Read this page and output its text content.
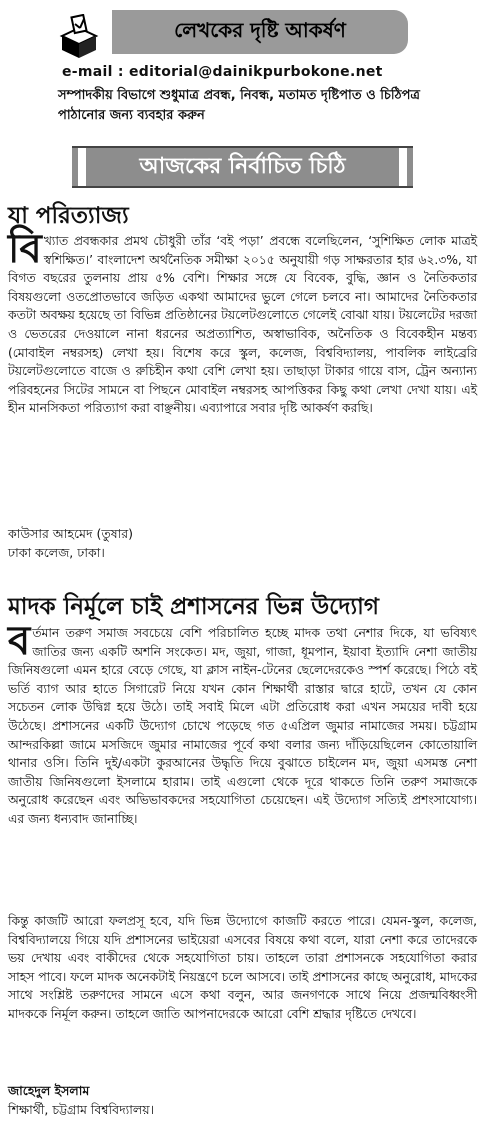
লেখকের দৃষ্টি আকর্ষণ
e-mail : editorial@dainikpurbokone.net
সম্পাদকীয় বিভাগে শুধুমাত্র প্রবন্ধ, নিবন্ধ, মতামত দৃষ্টিপাত ও চিঠিপত্র পাঠানোর জন্য ব্যবহার করুন
আজকের নির্বাচিত চিঠি
যা পরিত্যাজ্য
বিখ্যাত প্রবন্ধকার প্রমথ চৌধুরী তাঁর ‘বই পড়া’ প্রবন্ধে বলেছিলেন, ‘সুশিক্ষিত লোক মাত্রই স্বশিক্ষিত।’ বাংলাদেশ অর্থনৈতিক সমীক্ষা ২০১৫ অনুযায়ী গড় সাক্ষরতার হার ৬২.৩%, যা বিগত বছরের তুলনায় প্রায় ৫% বেশি। শিক্ষার সঙ্গে যে বিবেক, বুদ্ধি, জ্ঞান ও নৈতিকতার বিষয়গুলো ওতপ্রোতভাবে জড়িত একথা আমাদের ভুলে গেলে চলবে না। আমাদের নৈতিকতার কতটা অবক্ষয় হয়েছে তা বিভিন্ন প্রতিষ্ঠানের টয়লেটগুলোতে গেলেই বোঝা যায়। টয়লেটের দরজা ও ভেতরের দেওয়ালে নানা ধরনের অপ্রত্যাশিত, অস্বাভাবিক, অনৈতিক ও বিবেকহীন মন্তব্য (মোবাইল নম্বরসহ) লেখা হয়। বিশেষ করে স্কুল, কলেজ, বিশ্ববিদ্যালয়, পাবলিক লাইব্রেরি টয়লেটগুলোতে বাজে ও রুচিহীন কথা বেশি লেখা হয়। তাছাড়া টাকার গায়ে বাস, ট্রেন অন্যান্য পরিবহনের সিটের সামনে বা পিছনে মোবাইল নম্বরসহ আপত্তিকর কিছু কথা লেখা দেখা যায়। এই হীন মানসিকতা পরিত্যাগ করা বাঞ্ছনীয়। এব্যাপারে সবার দৃষ্টি আকর্ষণ করছি।
কাউসার আহমেদ (তুষার)
ঢাকা কলেজ, ঢাকা।
মাদক নির্মূলে চাই প্রশাসনের ভিন্ন উদ্যোগ
বর্তমান তরুণ সমাজ সবচেয়ে বেশি পরিচালিত হচ্ছে মাদক তথা নেশার দিকে, যা ভবিষ্যৎ জাতির জন্য একটি অশনি সংকেত। মদ, জুয়া, গাজা, ধূমপান, ইয়াবা ইত্যাদি নেশা জাতীয় জিনিষগুলো এমন হারে বেড়ে গেছে, যা ক্লাস নাইন-টেনের ছেলেদেরকেও স্পর্শ করেছে। পিঠে বই ভর্তি ব্যাগ আর হাতে সিগারেট নিয়ে যখন কোন শিক্ষার্থী রাস্তার দ্বারে হাটে, তখন যে কোন সচেতন লোক উদ্বিগ্ন হয়ে উঠে। তাই সবাই মিলে এটা প্রতিরোধ করা এখন সময়ের দাবী হয়ে উঠেছে। প্রশাসনের একটি উদ্যোগ চোখে পড়েছে গত ৫এপ্রিল জুমার নামাজের সময়। চট্টগ্রাম আন্দরকিল্লা জামে মসজিদে জুমার নামাজের পূর্বে কথা বলার জন্য দাঁড়িয়েছিলেন কোতোয়ালি থানার ওসি। তিনি দুই/একটা কুরআনের উদ্ধৃতি দিয়ে বুঝাতে চাইলেন মদ, জুয়া এসমস্ত নেশা জাতীয় জিনিষগুলো ইসলামে হারাম। তাই এগুলো থেকে দূরে থাকতে তিনি তরুণ সমাজকে অনুরোধ করেছেন এবং অভিভাবকদের সহযোগিতা চেয়েছেন। এই উদ্যোগ সত্যিই প্রশংসাযোগ্য। এর জন্য ধন্যবাদ জানাচ্ছি।
কিন্তু কাজটি আরো ফলপ্রসূ হবে, যদি ভিন্ন উদ্যোগে কাজটি করতে পারে। যেমন-স্কুল, কলেজ, বিশ্ববিদ্যালয়ে গিয়ে যদি প্রশাসনের ভাইয়েরা এসবের বিষয়ে কথা বলে, যারা নেশা করে তাদেরকে ভয় দেখায় এবং বাকীদের থেকে সহযোগিতা চায়। তাহলে তারা প্রশাসনকে সহযোগিতা করার সাহস পাবে। ফলে মাদক অনেকটাই নিয়ন্ত্রণে চলে আসবে। তাই প্রশাসনের কাছে অনুরোধ, মাদকের সাথে সংশ্লিষ্ট তরুণদের সামনে এসে কথা বলুন, আর জনগণকে সাথে নিয়ে প্রজন্মবিধ্বংসী মাদককে নির্মূল করুন। তাহলে জাতি আপনাদেরকে আরো বেশি শ্রদ্ধার দৃষ্টিতে দেখবে।
জাহেদুল ইসলাম
শিক্ষার্থী, চট্টগ্রাম বিশ্ববিদ্যালয়।
